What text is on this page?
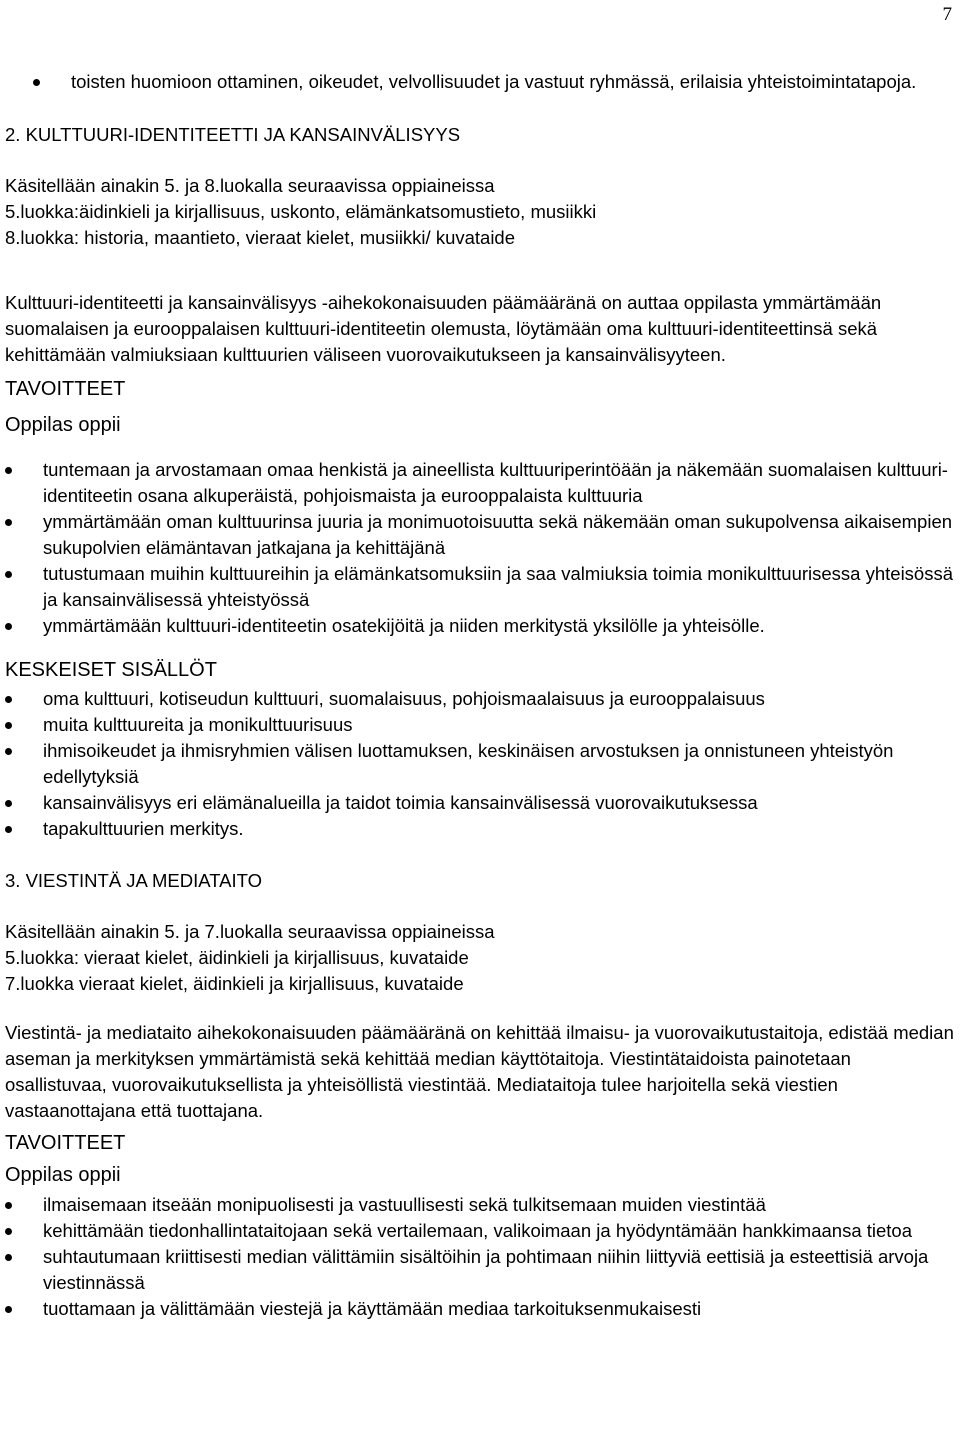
7
toisten huomioon ottaminen, oikeudet, velvollisuudet ja vastuut ryhmässä, erilaisia yhteistoimintatapoja.

2. KULTTUURI-IDENTITEETTI JA KANSAINVÄLISYYS

Käsitellään ainakin 5. ja 8.luokalla seuraavissa oppiaineissa

5.luokka:äidinkieli ja kirjallisuus, uskonto, elämänkatsomustieto, musiikki

8.luokka: historia, maantieto, vieraat kielet, musiikki/ kuvataide

Kulttuuri-identiteetti ja kansainvälisyys -aihekokonaisuuden päämääränä on auttaa oppilasta ymmärtämään suomalaisen ja eurooppalaisen kulttuuri-identiteetin olemusta, löytämään oma kulttuuri-identiteettinsä sekä kehittämään valmiuksiaan kulttuurien väliseen vuorovaikutukseen ja kansainvälisyyteen.

TAVOITTEET

Oppilas oppii

tuntemaan ja arvostamaan omaa henkistä ja aineellista kulttuuriperintöään ja näkemään suomalaisen kulttuuri-identiteetin osana alkuperäistä, pohjoismaista ja eurooppalaista kulttuuria
ymmärtämään oman kulttuurinsa juuria ja monimuotoisuutta sekä näkemään oman sukupolvensa aikaisempien sukupolvien elämäntavan jatkajana ja kehittäjänä
tutustumaan muihin kulttuureihin ja elämänkatsomuksiin ja saa valmiuksia toimia monikulttuurisessa yhteisössä ja kansainvälisessä yhteistyössä
ymmärtämään kulttuuri-identiteetin osatekijöitä ja niiden merkitystä yksilölle ja yhteisölle.

KESKEISET SISÄLLÖT

oma kulttuuri, kotiseudun kulttuuri, suomalaisuus, pohjoismaalaisuus ja eurooppalaisuus
muita kulttuureita ja monikulttuurisuus
ihmisoikeudet ja ihmisryhmien välisen luottamuksen, keskinäisen arvostuksen ja onnistuneen yhteistyön edellytyksiä
kansainvälisyys eri elämänalueilla ja taidot toimia kansainvälisessä vuorovaikutuksessa
tapakulttuurien merkitys.

3. VIESTINTÄ JA MEDIATAITO

Käsitellään ainakin 5. ja 7.luokalla seuraavissa oppiaineissa

5.luokka: vieraat kielet, äidinkieli ja kirjallisuus, kuvataide

7.luokka vieraat kielet, äidinkieli ja kirjallisuus, kuvataide

Viestintä- ja mediataito aihekokonaisuuden päämääränä on kehittää ilmaisu- ja vuorovaikutustaitoja, edistää median aseman ja merkityksen ymmärtämistä sekä kehittää median käyttötaitoja. Viestintätaidoista painotetaan osallistuvaa, vuorovaikutuksellista ja yhteisöllistä viestintää. Mediataitoja tulee harjoitella sekä viestien vastaanottajana että tuottajana.

TAVOITTEET

Oppilas oppii

ilmaisemaan itseään monipuolisesti ja vastuullisesti sekä tulkitsemaan muiden viestintää
kehittämään tiedonhallintataitojaan sekä vertailemaan, valikoimaan ja hyödyntämään hankkimaansa tietoa
suhtautumaan kriittisesti median välittämiin sisältöihin ja pohtimaan niihin liittyviä eettisiä ja esteettisiä arvoja viestinnässä
tuottamaan ja välittämään viestejä ja käyttämään mediaa tarkoituksenmukaisesti
